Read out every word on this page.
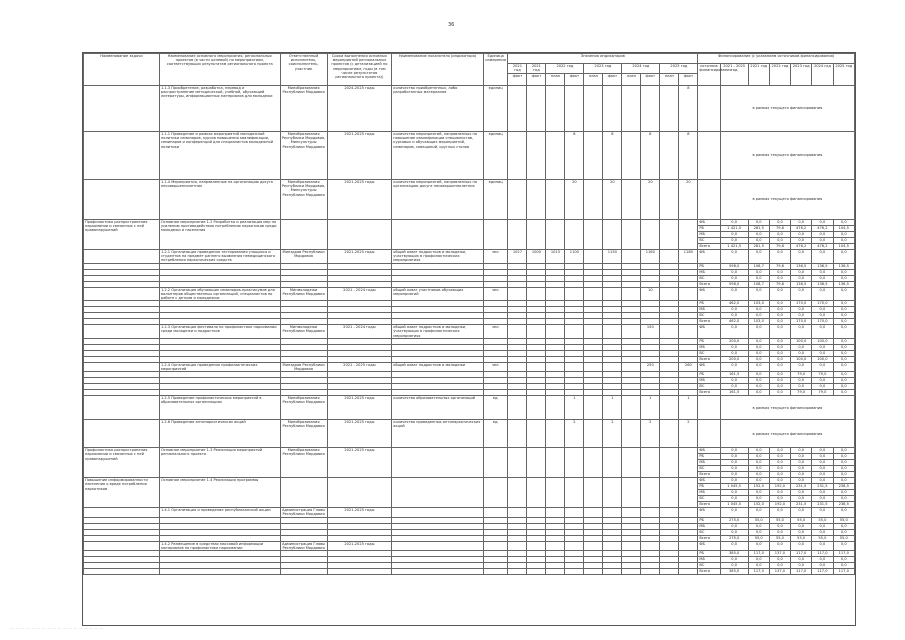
36
Наименование задачи	Наименование основного мероприятия, региональных проектов (в части целевой) по мероприятиям, соответствующих результатам регионального проекта	Ответственный исполнитель, соисполнитель, участник	Сроки выполнения основных мероприятий региональных проектов (с детализацией по мероприятиям, годы (в том числе результатов регионального проекта))	Наименование показателя (индикатора)	Единица измерения	Значения индикаторов										Финансирование (с указанием источников финансирования)						
						2021 год	2021 год	2022 год		2023 год		2024 год		2025 год		источник финансирования	2021 - 2025 год	2021 год	2022 год	2023 год	2024 год	2025 год
						факт	факт	план	факт	план	факт	план	факт	план	факт							
	1.1.3 Приобретение, разработка, перевод и распространение методической, учебной, обучающей литературы, информационных материалов для молодежи	Минобразования Республики Мордовия	2024-2025 годы	количество приобретенных, либо разработанных материалов	единиц										8		в рамках текущего финансирования					
	1.1.1 Проведение и рамках мероприятий молодежной политики семинаров, курсов повышения квалификации, семинаров и конференций для специалистов молодежной политики	Минобразования Республики Мордовия, Минкультуры Республики Мордовия	2021-2025 годы	количество мероприятий, направленных на повышение квалификации специалистов, курсовых и обучающих мероприятий, семинаров, совещаний, круглых столов	единиц				8		8		8		8		в рамках текущего финансирования					
	1.1.4 Мероприятия, направленные на организацию досуга несовершеннолетних	Минобразования Республики Мордовия, Минкультуры Республики Мордовия	2021-2025 годы	количество мероприятий, направленных на организацию досуга несовершеннолетних	единиц				20		20		20		20		в рамках текущего финансирования					
Профилактика распространения наркомании и связанных с ней правонарушений	Основное мероприятие 1.2 Разработка и реализация мер по усилению противодействия потреблению наркотиков среди молодежи и населения															ФБ	0,0	0,0	0,0	0,0	0,0	0,0
																РБ	1 421,5	281,5	79,8	476,2	476,2	104,5
																МБ	0,0	0,0	0,0	0,0	0,0	0,0
																ВС	0,0	0,0	0,0	0,0	0,0	0,0
																Всего	1 421,5	281,5	79,8	476,2	476,2	104,5
	1.2.1 Организация проведения тестирования учащихся и студентов на предмет раннего выявления немедицинского потребления наркотических средств	Минздрав Республики Мордовия	2021-2025 годы	общий охват подростков и молодежи, участвующих в профилактических мероприятиях	чел.	1027	1000	1013	1100		1150		1160		1180	ФБ	0,0	0,0	0,0	0,0	0,0	0,0
																РБ	598,0	108,7	79,8	136,5	136,5	136,5
																МБ	0,0	0,0	0,0	0,0	0,0	0,0
																ВС	0,0	0,0	0,0	0,0	0,0	0,0
																Всего	598,0	108,7	79,8	136,5	136,5	136,5
	1.2.2 Организация обучающих семинаров-практикумов для волонтеров общественных организаций, специалистов по работе с детьми и молодежью	Минмолодежи Республики Мордовия	2021 - 2024 годы	общий охват участников обучающих мероприятий	чел.								10			ФБ	0,0	0,0	0,0	0,0	0,0	0,0
																РБ	462,0	103,0	0,0	170,0	170,0	0,0
																МБ	0,0	0,0	0,0	0,0	0,0	0,0
																ВС	0,0	0,0	0,0	0,0	0,0	0,0
																Всего	462,0	103,0	0,0	170,0	170,0	0,0
	1.2.3 Организация фестиваля по профилактике наркомании среди молодежи и подростков	Минмолодежи Республики Мордовия	2021 - 2024 годы	общий охват подростков и молодежи, участвующих в профилактических мероприятиях	чел.								150			ФБ	0,0	0,0	0,0	0,0	0,0	0,0
																РБ	200,0	0,0	0,0	100,0	100,0	0,0
																МБ	0,0	0,0	0,0	0,0	0,0	0,0
																ВС	0,0	0,0	0,0	0,0	0,0	0,0
																Всего	200,0	0,0	0,0	100,0	100,0	0,0
	1.2.4 Организация проведения профилактических мероприятий	Минздрав Республики Мордовия	2021 - 2025 годы	общий охват подростков и молодежи	чел.								250		260	ФБ	0,0	0,0	0,0	0,0	0,0	0,0
																РБ	161,5	0,0	0,0	79,0	79,0	0,0
																МБ	0,0	0,0	0,0	0,0	0,0	0,0
																ВС	0,0	0,0	0,0	0,0	0,0	0,0
																Всего	161,5	0,0	0,0	79,0	79,0	0,0
	1.2.5 Проведение профилактических мероприятий в образовательных организациях	Минобразования Республики Мордовия	2021-2025 годы	количество образовательных организаций	ед.				1		1		1		1		в рамках текущего финансирования					
	1.2.6 Проведение антинаркотических акций	Минобразования Республики Мордовия	2021-2025 годы	количество проведенных антинаркотических акций	ед.				2		2		2		2		в рамках текущего финансирования					
Профилактика распространения наркомании и связанных с ней правонарушений	Основное мероприятие 1.3 Реализация мероприятий регионального проекта	Минобразования Республики Мордовия	2021-2025 годы													ФБ	0,0	0,0	0,0	0,0	0,0	0,0
																РБ	0,0	0,0	0,0	0,0	0,0	0,0
																МБ	0,0	0,0	0,0	0,0	0,0	0,0
																ВС	0,0	0,0	0,0	0,0	0,0	0,0
																Всего	0,0	0,0	0,0	0,0	0,0	0,0
Повышение информированности населения о вреде потребления наркотиков	Основное мероприятие 1.4 Реализация программы															ФБ	0,0	0,0	0,0	0,0	0,0	0,0
																РБ	1 045,5	152,0	192,0	231,5	231,5	238,5
																МБ	0,0	0,0	0,0	0,0	0,0	0,0
																ВС	0,0	0,0	0,0	0,0	0,0	0,0
																Всего	1 045,5	152,0	192,0	231,5	231,5	238,5
	1.4.1 Организация и проведение республиканской акции	Администрация Главы Республики Мордовия	2021-2025 годы													ФБ	0,0	0,0	0,0	0,0	0,0	0,0
																РБ	275,0	55,0	55,0	55,0	55,0	55,0
																МБ	0,0	0,0	0,0	0,0	0,0	0,0
																ВС	0,0	0,0	0,0	0,0	0,0	0,0
																Всего	275,0	55,0	55,0	55,0	55,0	55,0
	1.4.2 Размещение в средствах массовой информации материалов по профилактике наркомании	Администрация Главы Республики Мордовия	2021-2025 годы													ФБ	0,0	0,0	0,0	0,0	0,0	0,0
																РБ	385,0	117,0	137,0	117,0	117,0	117,0
																МБ	0,0	0,0	0,0	0,0	0,0	0,0
																ВС	0,0	0,0	0,0	0,0	0,0	0,0
																Всего	385,0	117,0	137,0	117,0	117,0	117,0
— — — — — — — — — — — — — — — — — —
